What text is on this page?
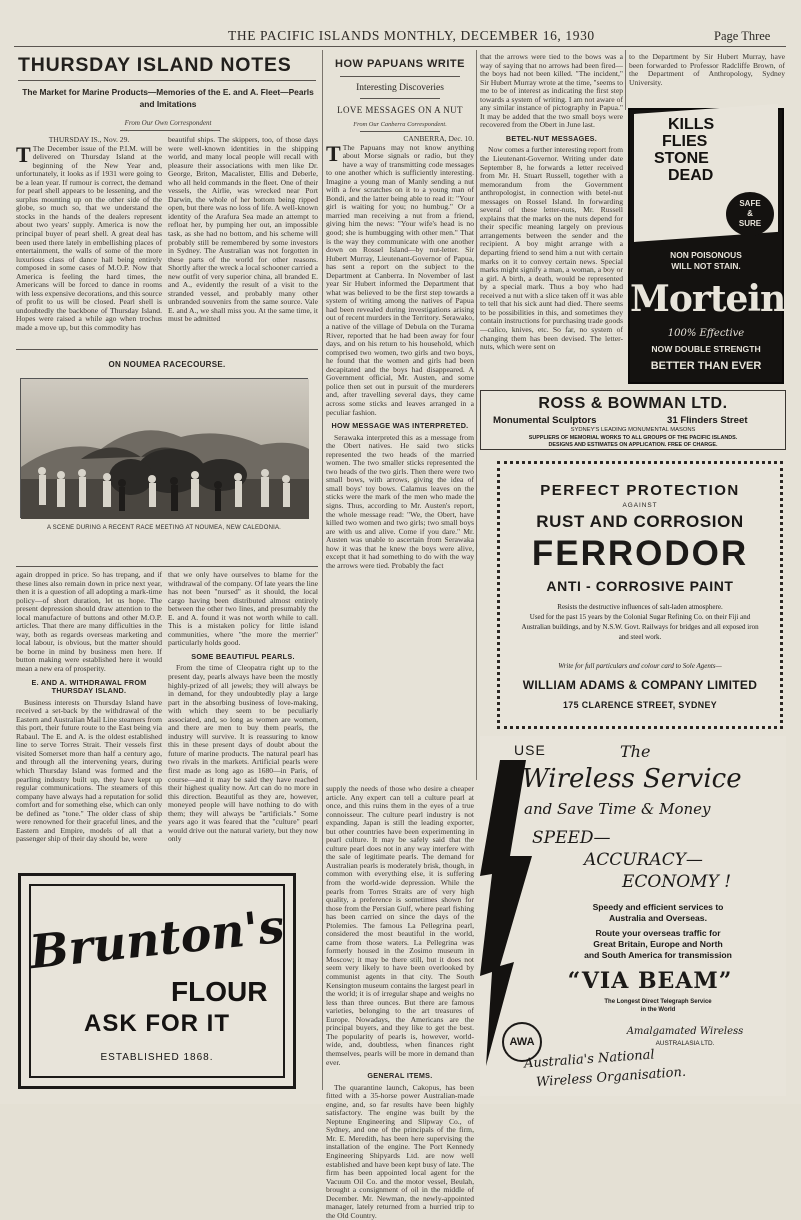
THE PACIFIC ISLANDS MONTHLY, DECEMBER 16, 1930	Page Three
THURSDAY ISLAND NOTES
The Market for Marine Products—Memories of the E. and A. Fleet—Pearls and Imitations
From Our Own Correspondent
THURSDAY IS., Nov. 29.
T The December issue of the P.I.M. will be delivered on Thursday Island at the beginning of the New Year and, unfortunately, it looks as if 1931 were going to be a lean year. If rumour is correct, the demand for pearl shell appears to be lessening, and the surplus mounting up on the other side of the globe, so much so, that we understand the stocks in the hands of the dealers represent about two years' supply. America is now the principal buyer of pearl shell. A great deal has been used there lately in embellishing places of entertainment, the walls of some of the more luxurious class of dance hall being entirely composed in some cases of M.O.P. Now that America is feeling the hard times, the Americans will be forced to dance in rooms with less expensive decorations, and this source of profit to us will be closed. Pearl shell is undoubtedly the backbone of Thursday Island. Hopes were raised a while ago when trochus made a move up, but this commodity has
beautiful ships. The skippers, too, of those days were well-known identities in the shipping world, and many local people will recall with pleasure their associations with men like Dr. George, Briton, Macalister, Ellis and Deberle, who all held commands in the fleet. One of their vessels, the Airlie, was wrecked near Port Darwin, the whole of her bottom being ripped open, but there was no loss of life. A well-known identity of the Arafura Sea made an attempt to refloat her, by pumping her out, an impossible task, as she had no bottom, and his scheme will probably still be remembered by some investors in Sydney. The Australian was not forgotten in these parts of the world for other reasons. Shortly after the wreck a local schooner carried a new outfit of very superior china, all branded E. and A., evidently the result of a visit to the stranded vessel, and probably many other unbranded souvenirs from the same source. Vale E. and A., we shall miss you. At the same time, it must be admitted
ON NOUMEA RACECOURSE.
A SCENE DURING A RECENT RACE MEETING AT NOUMEA, NEW CALEDONIA.

again dropped in price. So has trepang, and if these lines also remain down in price next year, then it is a question of all adopting a mark-time policy—of short duration, let us hope. The present depression should draw attention to the local manufacture of buttons and other M.O.P. articles. That there are many difficulties in the way, both as regards overseas marketing and local labour, is obvious, but the matter should be borne in mind by business men here. If button making were established here it would mean a new era of prosperity.

E. AND A. WITHDRAWAL FROM THURSDAY ISLAND.

Business interests on Thursday Island have received a set-back by the withdrawal of the Eastern and Australian Mail Line steamers from this port, their future route to the East being via Rabaul. The E. and A. is the oldest established line to serve Torres Strait. Their vessels first visited Somerset more than half a century ago, and through all the intervening years, during which Thursday Island was formed and the pearling industry built up, they have kept up regular communications. The steamers of this company have always had a reputation for solid comfort and for something else, which can only be defined as "tone." The older class of ship were renowned for their graceful lines, and the Eastern and Empire, models of all that a passenger ship of their day should be, were

that we only have ourselves to blame for the withdrawal of the company. Of late years the line has not been "nursed" as it should, the local cargo having been distributed almost entirely between the other two lines, and presumably the E. and A. found it was not worth while to call. This is a mistaken policy for little island communities, where "the more the merrier" particularly holds good.

SOME BEAUTIFUL PEARLS.

From the time of Cleopatra right up to the present day, pearls always have been the mostly highly-prized of all jewels; they will always be in demand, for they undoubtedly play a large part in the absorbing business of love-making, with which they seem to be peculiarly associated, and, so long as women are women, and there are men to buy them pearls, the industry will survive. It is reassuring to know this in these present days of doubt about the future of marine products. The natural pearl has two rivals in the markets. Artificial pearls were first made as long ago as 1680—in Paris, of course—and it may be said they have reached their highest quality now. Art can do no more in this direction. Beautiful as they are, however, moneyed people will have nothing to do with them; they will always be "artificials." Some years ago it was feared that the "culture" pearl would drive out the natural variety, but they now only

Brunton's
FLOUR
ASK FOR IT
ESTABLISHED 1868.
HOW PAPUANS WRITE
Interesting Discoveries
LOVE MESSAGES ON A NUT
From Our Canberra Correspondent.
CANBERRA, Dec. 10.
T The Papuans may not know anything about Morse signals or radio, but they have a way of transmitting code messages to one another which is sufficiently interesting. Imagine a young man of Manly sending a nut with a few scratches on it to a young man of Bondi, and the latter being able to read it: "Your girl is waiting for you; no humbug." Or a married man receiving a nut from a friend, giving him the news: "Your wife's head is no good; she is humbugging with other men." That is the way they communicate with one another down on Rossel Island—by nut-letter. Sir Hubert Murray, Lieutenant-Governor of Papua, has sent a report on the subject to the Department at Canberra. In November of last year Sir Hubert informed the Department that what was believed to be the first step towards a system of writing among the natives of Papua had been revealed during investigations arising out of recent murders in the Territory. Serawako, a native of the village of Debula on the Turama River, reported that he had been away for four days, and on his return to his household, which comprised two women, two girls and two boys, he found that the women and girls had been decapitated and the boys had disappeared. A Government official, Mr. Austen, and some police then set out in pursuit of the murderers and, after travelling several days, they came across some sticks and leaves arranged in a peculiar fashion.
HOW MESSAGE WAS INTERPRETED.

Serawaka interpreted this as a message from the Obert natives. He said two sticks represented the two heads of the married women. The two smaller sticks represented the two heads of the two girls. Then there were two small bows, with arrows, giving the idea of small boys' toy bows. Calamus leaves on the sticks were the mark of the men who made the signs. Thus, according to Mr. Austen's report, the whole message read: "We, the Obert, have killed two women and two girls; two small boys are with us and alive. Come if you dare." Mr. Austen was unable to ascertain from Serawaka how it was that he knew the boys were alive, except that it had something to do with the way the arrows were tied. Probably the fact

supply the needs of those who desire a cheaper article. Any expert can tell a culture pearl at once, and this ruins them in the eyes of a true connoisseur. The culture pearl industry is not expanding. Japan is still the leading exporter, but other countries have been experimenting in pearl culture. It may be safely said that the culture pearl does not in any way interfere with the sale of legitimate pearls. The demand for Australian pearls is moderately brisk, though, in common with everything else, it is suffering from the world-wide depression. While the pearls from Torres Straits are of very high quality, a preference is sometimes shown for those from the Persian Gulf, where pearl fishing has been carried on since the days of the Ptolemies. The famous La Pellegrina pearl, considered the most beautiful in the world, came from those waters. La Pellegrina was formerly housed in the Zosimo museum in Moscow; it may be there still, but it does not seem very likely to have been overlooked by communist agents in that city. The South Kensington museum contains the largest pearl in the world; it is of irregular shape and weighs no less than three ounces. But there are famous varieties, belonging to the art treasures of Europe. Nowadays, the Americans are the principal buyers, and they like to get the best. The popularity of pearls is, however, world-wide, and, doubtless, when finances right themselves, pearls will be more in demand than ever.

GENERAL ITEMS.

The quarantine launch, Cakopus, has been fitted with a 35-horse power Australian-made engine, and, so far results have been highly satisfactory. The engine was built by the Neptune Engineering and Slipway Co., of Sydney, and one of the principals of the firm, Mr. E. Meredith, has been here supervising the installation of the engine. The Port Kennedy Engineering Shipyards Ltd. are now well established and have been kept busy of late. The firm has been appointed local agent for the Vacuum Oil Co. and the motor vessel, Beulah, brought a consignment of oil in the middle of December. Mr. Newman, the newly-appointed manager, lately returned from a hurried trip to the Old Country.

that the arrows were tied to the bows was a way of saying that no arrows had been fired—the boys had not been killed. "The incident," Sir Hubert Murray wrote at the time, "seems to me to be of interest as indicating the first step towards a system of writing. I am not aware of any similar instance of pictography in Papua." It may be added that the two small boys were recovered from the Obert in June last.

BETEL-NUT MESSAGES.

Now comes a further interesting report from the Lieutenant-Governor. Writing under date September 8, he forwards a letter received from Mr. H. Stuart Russell, together with a memorandum from the Government anthropologist, in connection with betel-nut messages on Rossel Island. In forwarding several of these letter-nuts, Mr. Russell explains that the marks on the nuts depend for their specific meaning largely on previous arrangements between the sender and the recipient. A boy might arrange with a departing friend to send him a nut with certain marks on it to convey certain news. Special marks might signify a man, a woman, a boy or a girl. A birth, a death, would be represented by a special mark. Thus a boy who had received a nut with a slice taken off it was able to tell that his sick aunt had died. There seems to be possibilities in this, and sometimes they contain instructions for purchasing trade goods—calico, knives, etc. So far, no system of changing them has been devised. The letter-nuts, which were sent on

to the Department by Sir Hubert Murray, have been forwarded to Professor Radcliffe Brown, of the Department of Anthropology, Sydney University.

KILLS
FLIES
STONE
DEAD
SAFE
&
SURE
NON POISONOUS
WILL NOT STAIN.
Mortein
100% Effective
NOW DOUBLE STRENGTH
BETTER THAN EVER
ROSS & BOWMAN LTD.
Monumental Sculptors	31 Flinders Street
SYDNEY'S LEADING MONUMENTAL MASONS
SUPPLIERS OF MEMORIAL WORKS TO ALL GROUPS OF THE PACIFIC ISLANDS.
DESIGNS AND ESTIMATES ON APPLICATION. FREE OF CHARGE.
PERFECT PROTECTION
AGAINST
RUST AND CORROSION
FERRODOR
ANTI - CORROSIVE PAINT
Resists the destructive influences of salt-laden atmosphere.
Used for the past 15 years by the Colonial Sugar Refining Co. on their Fiji and Australian buildings, and by N.S.W. Govt. Railways for bridges and all exposed iron and steel work.
Write for full particulars and colour card to Sole Agents—
WILLIAM ADAMS & COMPANY LIMITED
175 CLARENCE STREET, SYDNEY
USE	The
Wireless Service
and Save Time & Money
SPEED—
ACCURACY—
ECONOMY !
Speedy and efficient services to
Australia and Overseas.
Route your overseas traffic for
Great Britain, Europe and North
and South America for transmission
“VIA BEAM”
The Longest Direct Telegraph Service
in the World
AWA
Amalgamated Wireless
AUSTRALASIA LTD.
Australia's National
Wireless Organisation.
